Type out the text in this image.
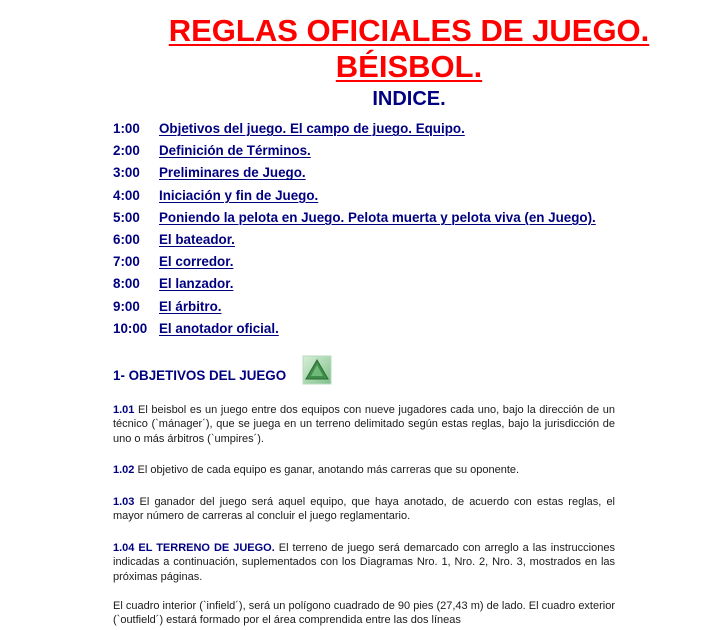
REGLAS OFICIALES DE JUEGO.
BÉISBOL.
INDICE.
1:00 Objetivos del juego. El campo de juego. Equipo.
2:00 Definición de Términos.
3:00 Preliminares de Juego.
4:00 Iniciación y fin de Juego.
5:00 Poniendo la pelota en Juego. Pelota muerta y pelota viva (en Juego).
6:00 El bateador.
7:00 El corredor.
8:00 El lanzador.
9:00 El árbitro.
10:00 El anotador oficial.
1- OBJETIVOS DEL JUEGO

1.01 El beisbol es un juego entre dos equipos con nueve jugadores cada uno, bajo la dirección de un técnico (`mánager´), que se juega en un terreno delimitado según estas reglas, bajo la jurisdicción de uno o más árbitros (`umpires´).

1.02 El objetivo de cada equipo es ganar, anotando más carreras que su oponente.

1.03 El ganador del juego será aquel equipo, que haya anotado, de acuerdo con estas reglas, el mayor número de carreras al concluir el juego reglamentario.

1.04 EL TERRENO DE JUEGO. El terreno de juego será demarcado con arreglo a las instrucciones indicadas a continuación, suplementados con los Diagramas Nro. 1, Nro. 2, Nro. 3, mostrados en las próximas páginas.

El cuadro interior (`infield´), será un polígono cuadrado de 90 pies (27,43 m) de lado. El cuadro exterior (`outfield´) estará formado por el área comprendida entre las dos líneas
